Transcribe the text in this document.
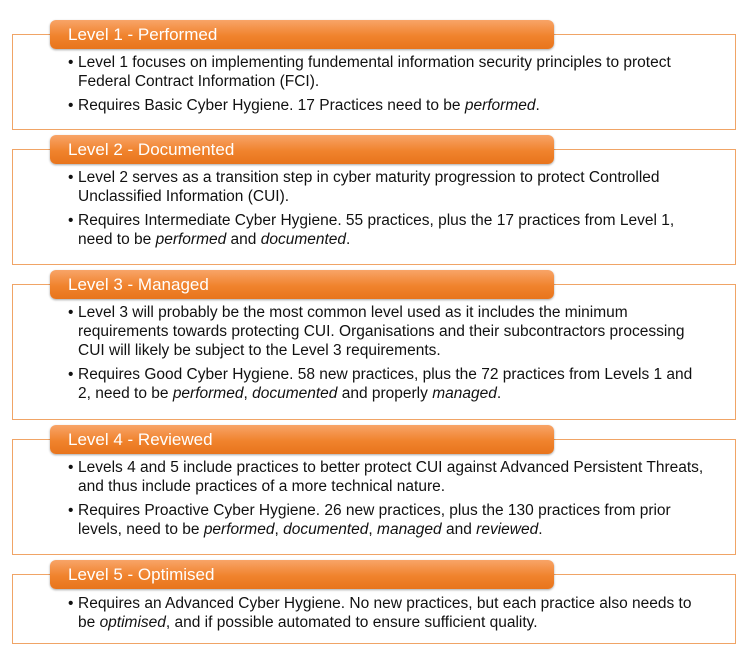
Level 1 - Performed
• Level 1 focuses on implementing fundemental information security principles to protect Federal Contract Information (FCI).
• Requires Basic Cyber Hygiene. 17 Practices need to be performed.
Level 2 - Documented
• Level 2 serves as a transition step in cyber maturity progression to protect Controlled Unclassified Information (CUI).
• Requires Intermediate Cyber Hygiene. 55 practices, plus the 17 practices from Level 1, need to be performed and documented.
Level 3 - Managed
• Level 3 will probably be the most common level used as it includes the minimum requirements towards protecting CUI. Organisations and their subcontractors processing CUI will likely be subject to the Level 3 requirements.
• Requires Good Cyber Hygiene. 58 new practices, plus the 72 practices from Levels 1 and 2, need to be performed, documented and properly managed.
Level 4 - Reviewed
• Levels 4 and 5 include practices to better protect CUI against Advanced Persistent Threats, and thus include practices of a more technical nature.
• Requires Proactive Cyber Hygiene. 26 new practices, plus the 130 practices from prior levels, need to be performed, documented, managed and reviewed.
Level 5 - Optimised
• Requires an Advanced Cyber Hygiene. No new practices, but each practice also needs to be optimised, and if possible automated to ensure sufficient quality.
